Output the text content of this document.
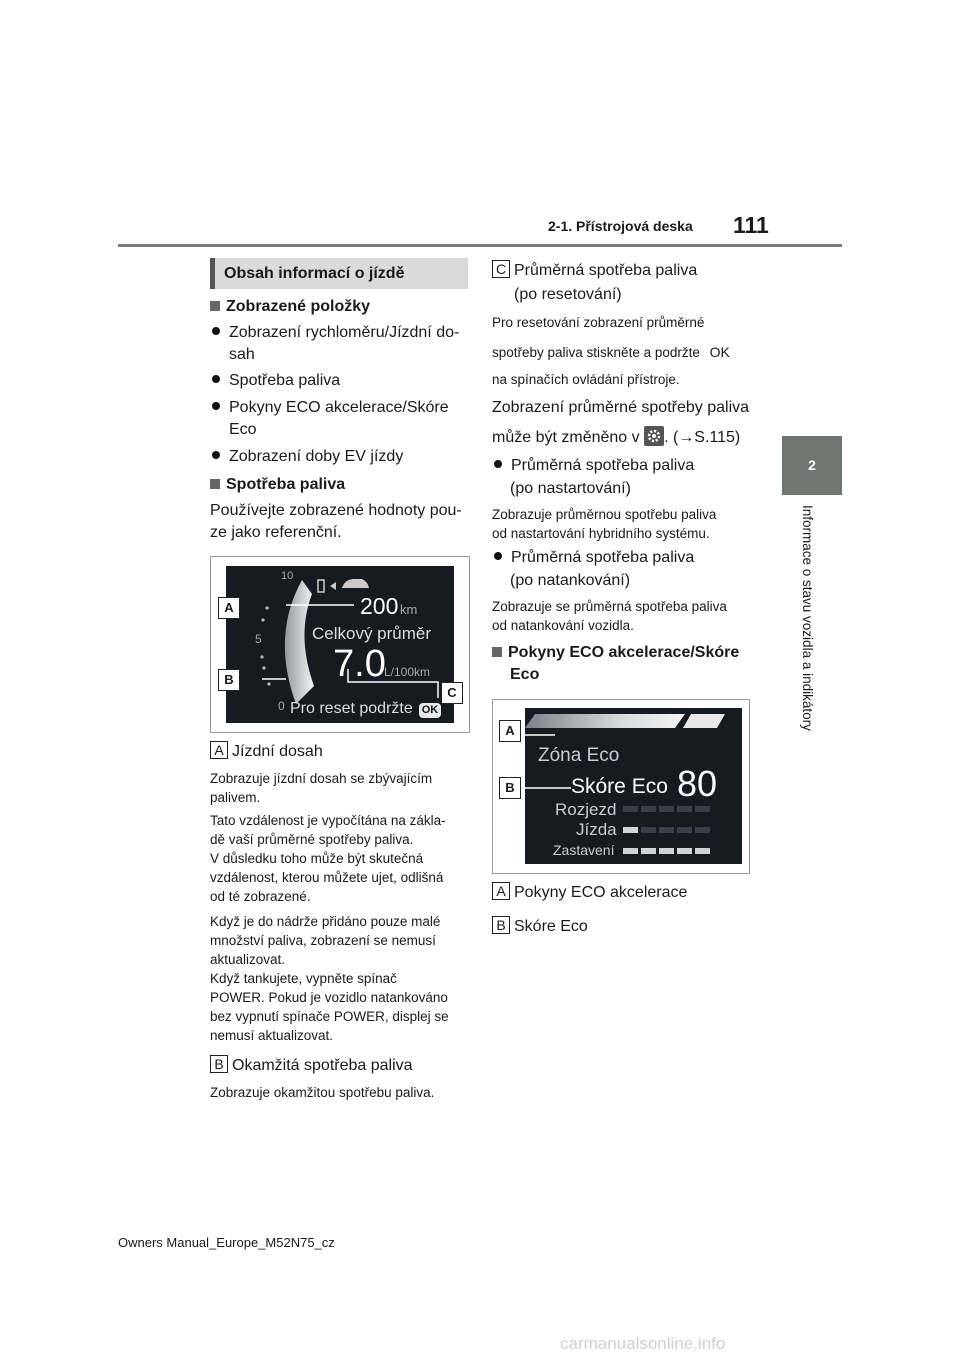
2-1. Přístrojová deska 111
2
Informace o stavu vozidla a indikátory
Obsah informací o jízdě
Zobrazené položky
Zobrazení rychloměru/Jízdní do-
sah
Spotřeba paliva
Pokyny ECO akcelerace/Skóre
Eco
Zobrazení doby EV jízdy
Spotřeba paliva
Používejte zobrazené hodnoty pou-
ze jako referenční.
10
5
0
200 km
Celkový průměr
7.0
L/100km
Pro reset podržte OK
A
B
C
A Jízdní dosah
Zobrazuje jízdní dosah se zbývajícím
palivem.
Tato vzdálenost je vypočítána na zákla-
dě vaší průměrné spotřeby paliva.
V důsledku toho může být skutečná
vzdálenost, kterou můžete ujet, odlišná
od té zobrazené.
Když je do nádrže přidáno pouze malé
množství paliva, zobrazení se nemusí
aktualizovat.
Když tankujete, vypněte spínač
POWER. Pokud je vozidlo natankováno
bez vypnutí spínače POWER, displej se
nemusí aktualizovat.
B Okamžitá spotřeba paliva
Zobrazuje okamžitou spotřebu paliva.
C Průměrná spotřeba paliva
(po resetování)
Pro resetování zobrazení průměrné
spotřeby paliva stiskněte a podržte OK
na spínačích ovládání přístroje.
Zobrazení průměrné spotřeby paliva
může být změněno v . (→S.115)
Průměrná spotřeba paliva
(po nastartování)
Zobrazuje průměrnou spotřebu paliva
od nastartování hybridního systému.
Průměrná spotřeba paliva
(po natankování)
Zobrazuje se průměrná spotřeba paliva
od natankování vozidla.
Pokyny ECO akcelerace/Skóre
Eco
Zóna Eco
Skóre Eco 80
Rozjezd
Jízda
Zastavení
A
B
A Pokyny ECO akcelerace
B Skóre Eco
Owners Manual_Europe_M52N75_cz
carmanualsonline.info
